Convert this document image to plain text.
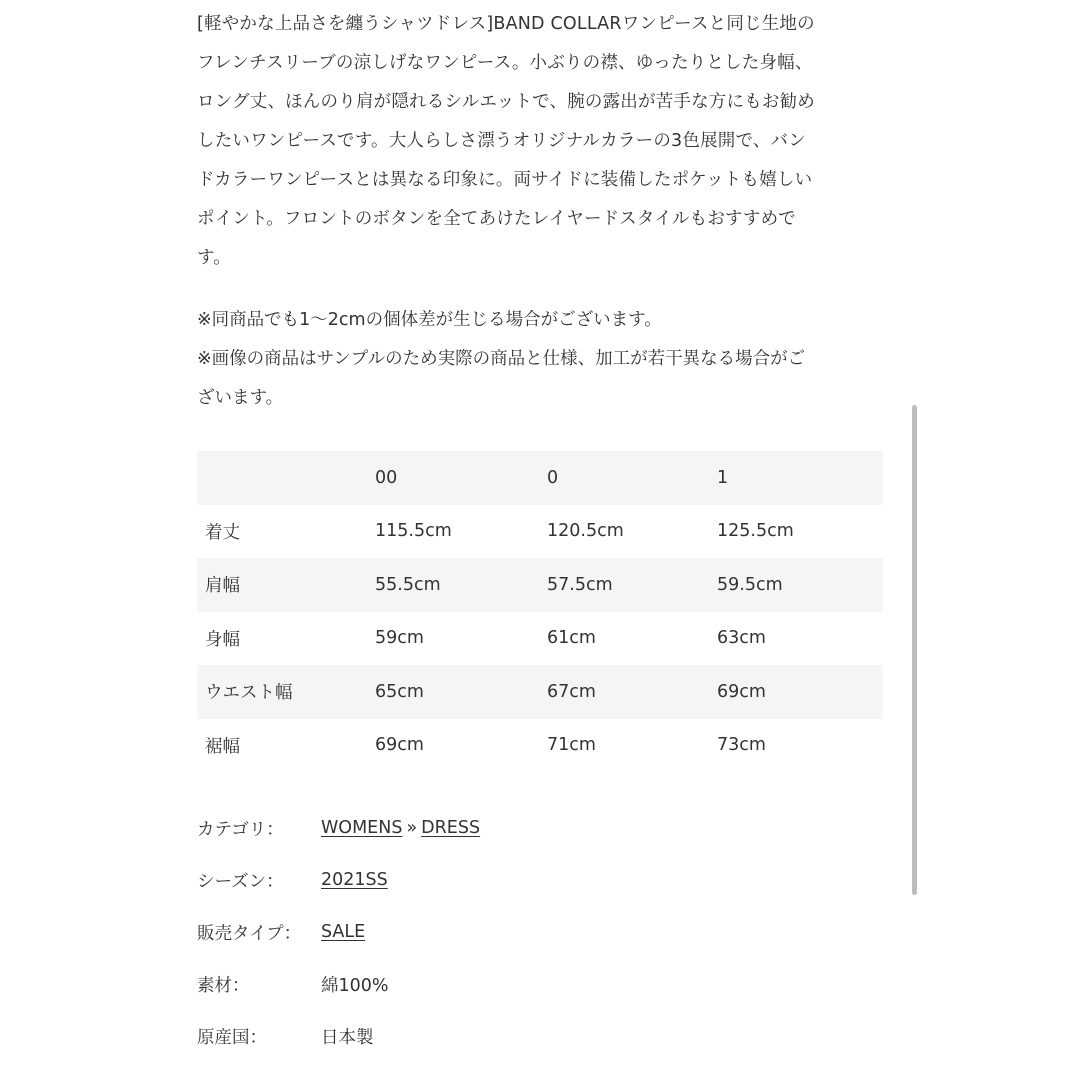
[軽やかな上品さを纏うシャツドレス]BAND COLLARワンピースと同じ生地の
フレンチスリーブの涼しげなワンピース。小ぶりの襟、ゆったりとした身幅、
ロング丈、ほんのり肩が隠れるシルエットで、腕の露出が苦手な方にもお勧め
したいワンピースです。大人らしさ漂うオリジナルカラーの3色展開で、バン
ドカラーワンピースとは異なる印象に。両サイドに装備したポケットも嬉しい
ポイント。フロントのボタンを全てあけたレイヤードスタイルもおすすめで
す。

※同商品でも1〜2cmの個体差が生じる場合がございます。
※画像の商品はサンプルのため実際の商品と仕様、加工が若干異なる場合がご
ざいます。
	00	0	1
着丈	115.5cm	120.5cm	125.5cm
肩幅	55.5cm	57.5cm	59.5cm
身幅	59cm	61cm	63cm
ウエスト幅	65cm	67cm	69cm
裾幅	69cm	71cm	73cm
カテゴリ：	WOMENS » DRESS
シーズン：	2021SS
販売タイプ：	SALE
素材：	綿100%
原産国：	日本製
